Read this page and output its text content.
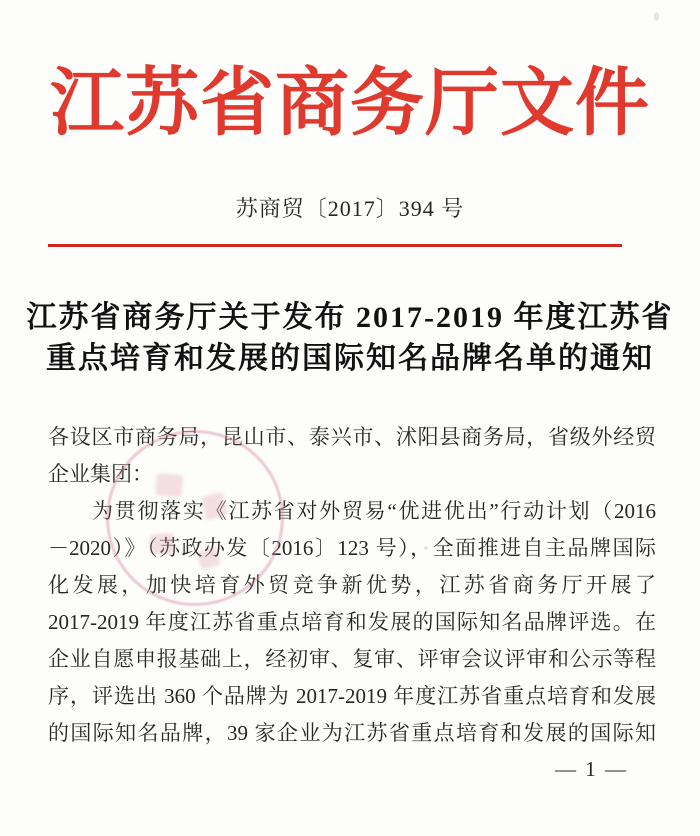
江苏省商务厅文件
苏商贸〔2017〕394 号
江苏省商务厅关于发布 2017-2019 年度江苏省
重点培育和发展的国际知名品牌名单的通知
各设区市商务局，昆山市、泰兴市、沭阳县商务局，省级外经贸
企业集团：
为贯彻落实《江苏省对外贸易“优进优出”行动计划（2016
－2020）》（苏政办发〔2016〕123 号），全面推进自主品牌国际
化发展，加快培育外贸竞争新优势，江苏省商务厅开展了
2017-2019 年度江苏省重点培育和发展的国际知名品牌评选。在
企业自愿申报基础上，经初审、复审、评审会议评审和公示等程
序，评选出 360 个品牌为 2017-2019 年度江苏省重点培育和发展
的国际知名品牌，39 家企业为江苏省重点培育和发展的国际知
— 1 —
